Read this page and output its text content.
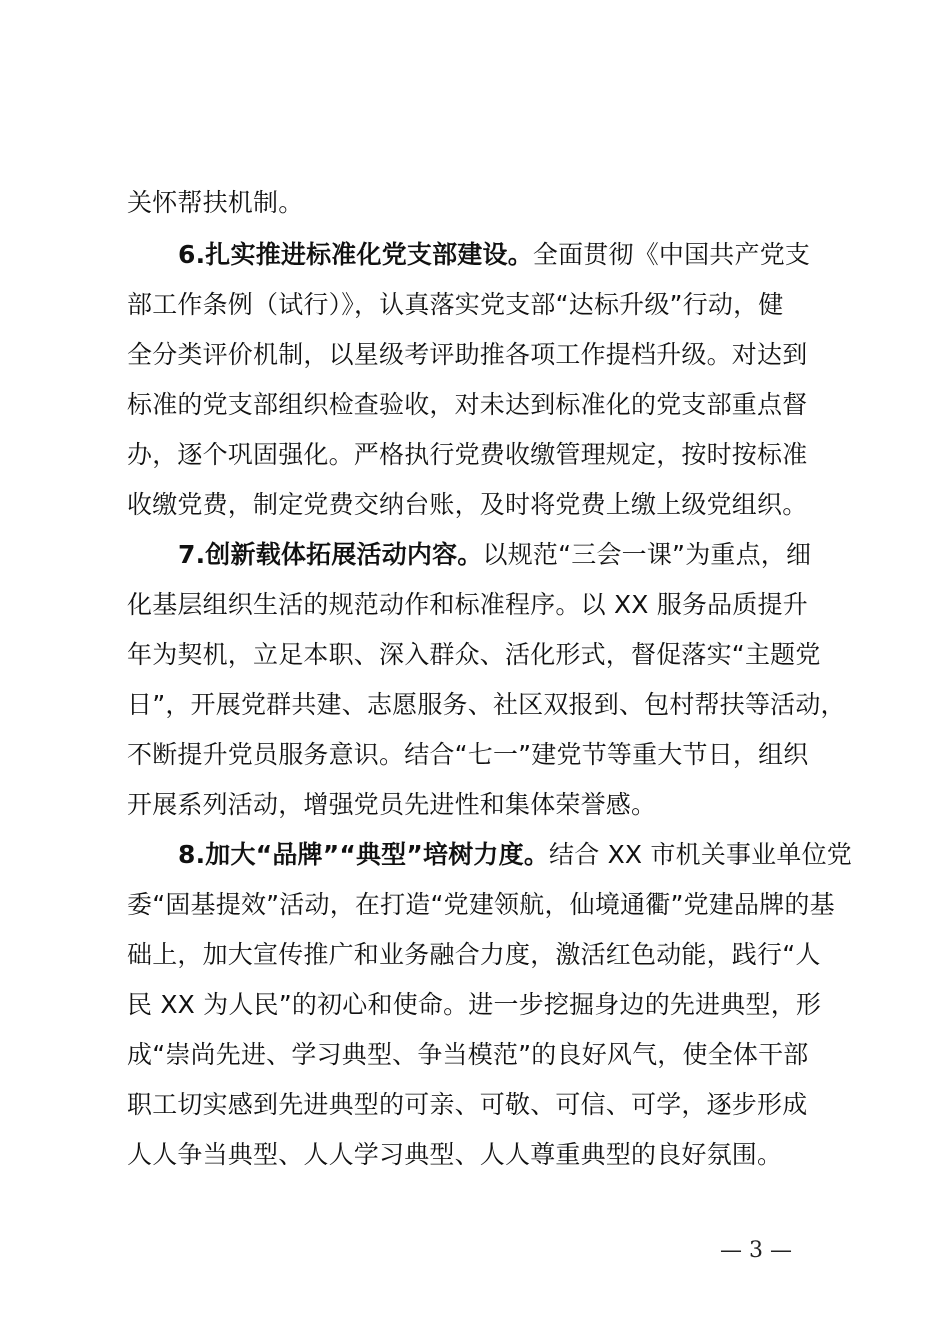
关怀帮扶机制。
6.扎实推进标准化党支部建设。全面贯彻《中国共产党支
部工作条例（试行）》，认真落实党支部“达标升级”行动，健
全分类评价机制，以星级考评助推各项工作提档升级。对达到
标准的党支部组织检查验收，对未达到标准化的党支部重点督
办，逐个巩固强化。严格执行党费收缴管理规定，按时按标准
收缴党费，制定党费交纳台账，及时将党费上缴上级党组织。
7.创新载体拓展活动内容。以规范“三会一课”为重点，细
化基层组织生活的规范动作和标准程序。以 XX 服务品质提升
年为契机，立足本职、深入群众、活化形式，督促落实“主题党
日”，开展党群共建、志愿服务、社区双报到、包村帮扶等活动，
不断提升党员服务意识。结合“七一”建党节等重大节日，组织
开展系列活动，增强党员先进性和集体荣誉感。
8.加大“品牌”“典型”培树力度。结合 XX 市机关事业单位党
委“固基提效”活动，在打造“党建领航，仙境通衢”党建品牌的基
础上，加大宣传推广和业务融合力度，激活红色动能，践行“人
民 XX 为人民”的初心和使命。进一步挖掘身边的先进典型，形
成“崇尚先进、学习典型、争当模范”的良好风气，使全体干部
职工切实感到先进典型的可亲、可敬、可信、可学，逐步形成
人人争当典型、人人学习典型、人人尊重典型的良好氛围。
— 3 —
